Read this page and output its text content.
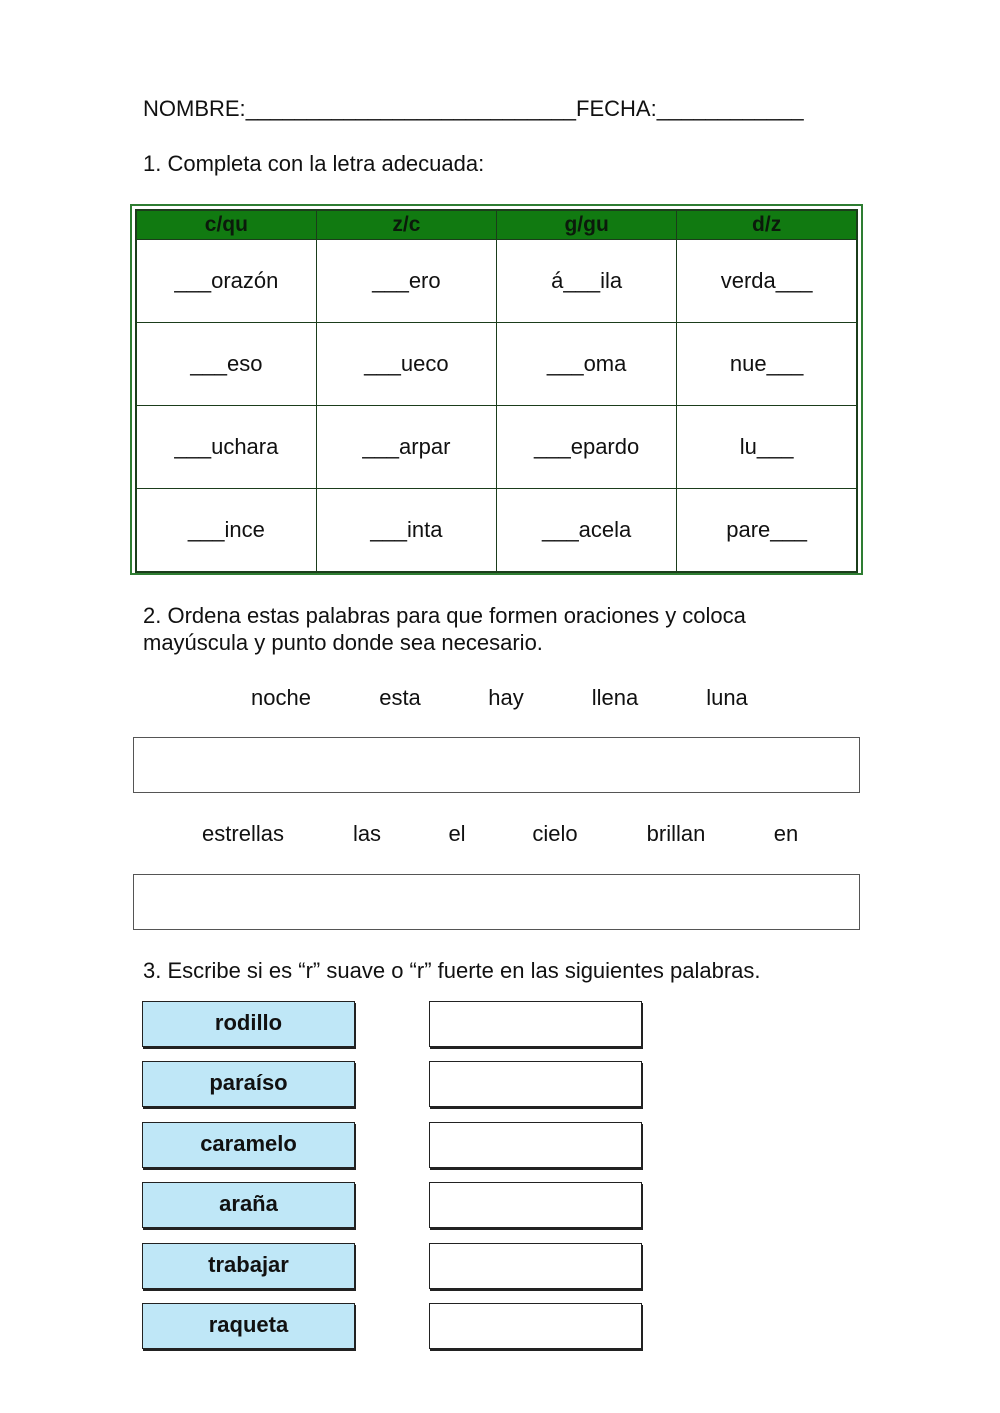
NOMBRE:___________________________FECHA:____________
1. Completa con la letra adecuada:
c/qu	z/c	g/gu	d/z
___orazón	___ero	á___ila	verda___
___eso	___ueco	___oma	nue___
___uchara	___arpar	___epardo	lu___
___ince	___inta	___acela	pare___
2. Ordena estas palabras para que formen oraciones y coloca
mayúscula y punto donde sea necesario.
noche	esta	hay	llena	luna
estrellas	las	el	cielo	brillan	en
3. Escribe si es “r” suave o “r” fuerte en las siguientes palabras.
rodillo
paraíso
caramelo
araña
trabajar
raqueta
